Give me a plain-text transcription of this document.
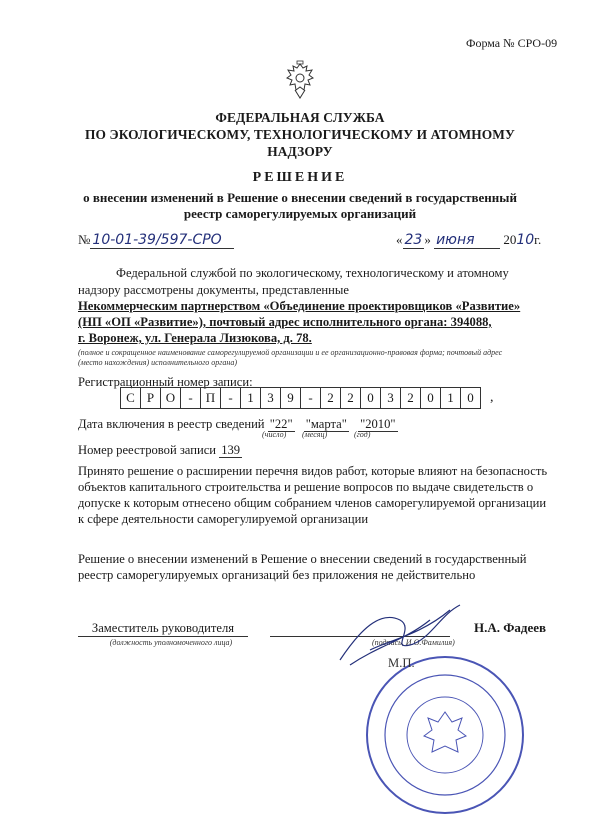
Форма № СРО-09
ФЕДЕРАЛЬНАЯ СЛУЖБА
ПО ЭКОЛОГИЧЕСКОМУ, ТЕХНОЛОГИЧЕСКОМУ И АТОМНОМУ
НАДЗОРУ
РЕШЕНИЕ
о внесении изменений в Решение о внесении сведений в государственный
реестр саморегулируемых организаций
№ 10-01-39/597-СРО	« 23 » июня 2010г.
Федеральной службой по экологическому, технологическому и атомному
надзору рассмотрены документы, представленные
Некоммерческим партнерством «Объединение проектировщиков «Развитие»
(НП «ОП «Развитие»), почтовый адрес исполнительного органа: 394088,
г. Воронеж, ул. Генерала Лизюкова, д. 78.
(полное и сокращенное наименование саморегулируемой организации и ее организационно-правовая форма; почтовый адрес
(место нахождения) исполнительного органа)
Регистрационный номер записи:
С Р О	-	П	-	1	3	9	-	2	2	0	3	2	0	1	0	,
Дата включения в реестр сведений "22" "марта" "2010"
(число) (месяц)	(год)
Номер реестровой записи 139
Принято решение о расширении перечня видов работ, которые влияют на безопасность
объектов капитального строительства и решение вопросов по выдаче свидетельств о
допуске к которым отнесено общим собранием членов саморегулируемой организации
к сфере деятельности саморегулируемой организации
Решение о внесении изменений в Решение о внесении сведений в государственный
реестр саморегулируемых организаций без приложения не действительно
Заместитель руководителя
(должность уполномоченного лица)
Н.А. Фадеев
(подпись, И.О.Фамилия)
М.П.
